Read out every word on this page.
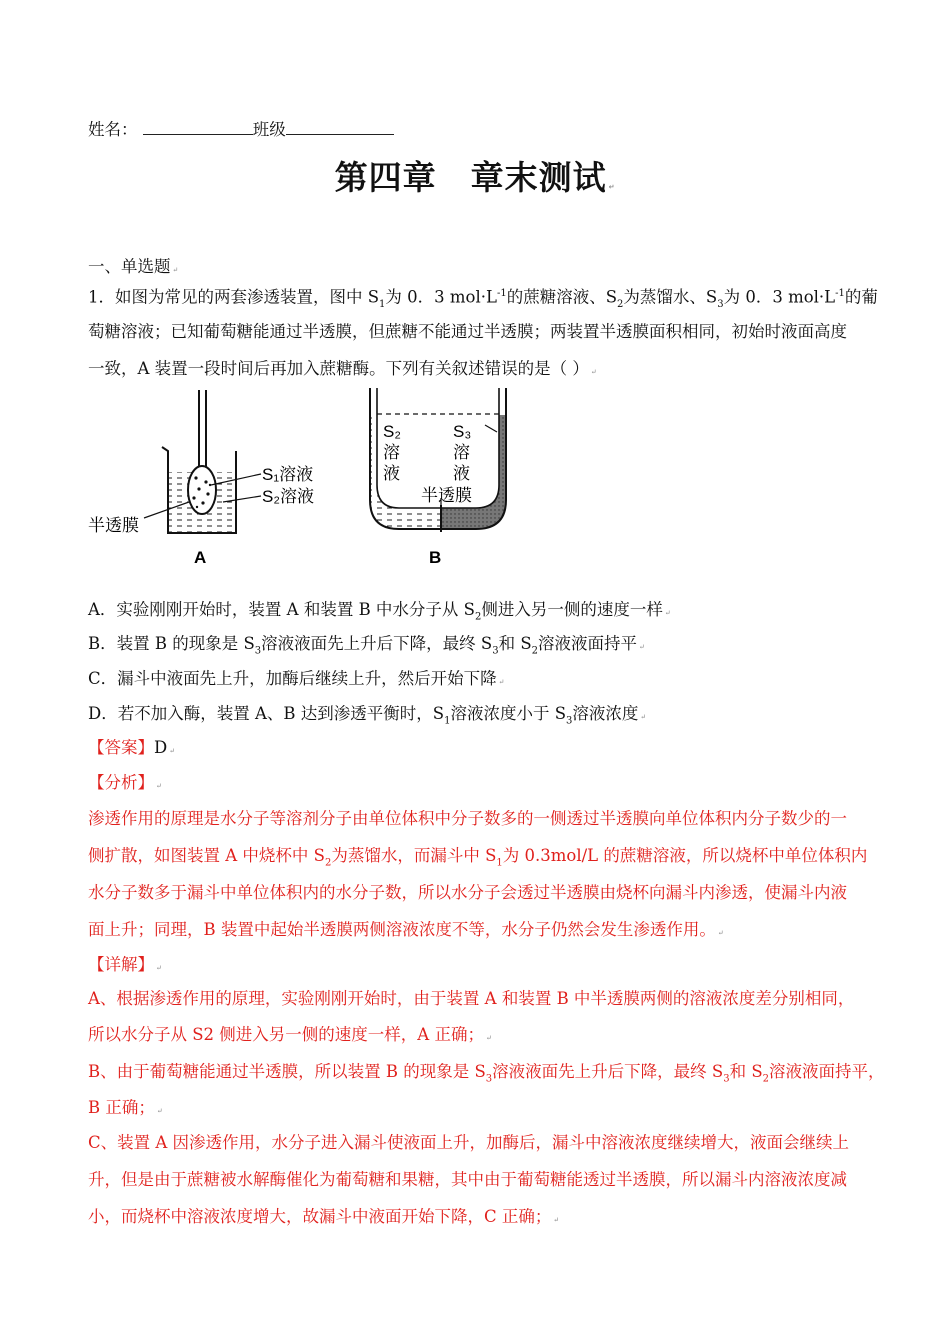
姓名：	班级
第四章　章末测试 ↵
一、单选题 ↵
1．如图为常见的两套渗透装置，图中 $S_1$为 0．3 $mol\cdot L^{-1}$的蔗糖溶液、$S_2$为蒸馏水、$S_3$为 0．3 $mol\cdot L^{-1}$的葡
萄糖溶液；已知葡萄糖能通过半透膜，但蔗糖不能通过半透膜；两装置半透膜面积相同，初始时液面高度
一致，A 装置一段时间后再加入蔗糖酶。下列有关叙述错误的是（ ） ↵
S₁溶液
S₂溶液
半透膜
A
S₂
溶
液
S₃
溶
液
半透膜
B
A．实验刚刚开始时，装置 A 和装置 B 中水分子从 $S_2$侧进入另一侧的速度一样 ↵
B．装置 B 的现象是 $S_3$溶液液面先上升后下降，最终 $S_3$和 $S_2$溶液液面持平 ↵
C．漏斗中液面先上升，加酶后继续上升，然后开始下降 ↵
D．若不加入酶，装置 A、B 达到渗透平衡时，$S_1$溶液浓度小于 $S_3$溶液浓度 ↵
【答案】D ↵
【分析】 ↵
渗透作用的原理是水分子等溶剂分子由单位体积中分子数多的一侧透过半透膜向单位体积内分子数少的一
侧扩散，如图装置 A 中烧杯中 $S_2$为蒸馏水，而漏斗中 $S_1$为 0.3mol/L 的蔗糖溶液，所以烧杯中单位体积内
水分子数多于漏斗中单位体积内的水分子数，所以水分子会透过半透膜由烧杯向漏斗内渗透，使漏斗内液
面上升；同理，B 装置中起始半透膜两侧溶液浓度不等，水分子仍然会发生渗透作用。 ↵
【详解】 ↵
A、根据渗透作用的原理，实验刚刚开始时，由于装置 A 和装置 B 中半透膜两侧的溶液浓度差分别相同，
所以水分子从 S2 侧进入另一侧的速度一样，A 正确； ↵
B、由于葡萄糖能通过半透膜，所以装置 B 的现象是 $S_3$溶液液面先上升后下降，最终 $S_3$和 $S_2$溶液液面持平，
B 正确； ↵
C、装置 A 因渗透作用，水分子进入漏斗使液面上升，加酶后，漏斗中溶液浓度继续增大，液面会继续上
升，但是由于蔗糖被水解酶催化为葡萄糖和果糖，其中由于葡萄糖能透过半透膜，所以漏斗内溶液浓度减
小，而烧杯中溶液浓度增大，故漏斗中液面开始下降，C 正确； ↵
